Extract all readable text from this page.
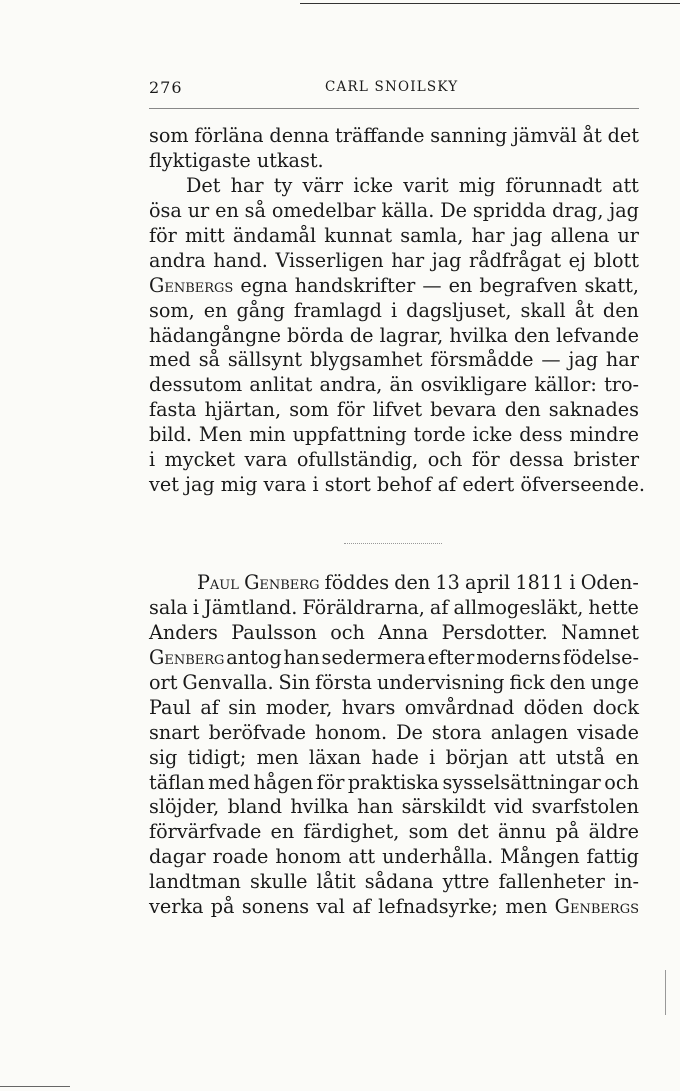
276	CARL SNOILSKY
som förläna denna träffande sanning jämväl åt det
flyktigaste utkast.
Det har ty värr icke varit mig förunnadt att
ösa ur en så omedelbar källa. De spridda drag, jag
för mitt ändamål kunnat samla, har jag allena ur
andra hand. Visserligen har jag rådfrågat ej blott
Genbergs egna handskrifter — en begrafven skatt,
som, en gång framlagd i dagsljuset, skall åt den
hädangångne börda de lagrar, hvilka den lefvande
med så sällsynt blygsamhet försmådde — jag har
dessutom anlitat andra, än osvikligare källor: tro-
fasta hjärtan, som för lifvet bevara den saknades
bild. Men min uppfattning torde icke dess mindre
i mycket vara ofullständig, och för dessa brister
vet jag mig vara i stort behof af edert öfverseende.
Paul Genberg föddes den 13 april 1811 i Oden-
sala i Jämtland. Föräldrarna, af allmogesläkt, hette
Anders Paulsson och Anna Persdotter. Namnet
Genberg antog han sedermera efter moderns födelse-
ort Genvalla. Sin första undervisning fick den unge
Paul af sin moder, hvars omvårdnad döden dock
snart beröfvade honom. De stora anlagen visade
sig tidigt; men läxan hade i början att utstå en
täflan med hågen för praktiska sysselsättningar och
slöjder, bland hvilka han särskildt vid svarfstolen
förvärfvade en färdighet, som det ännu på äldre
dagar roade honom att underhålla. Mången fattig
landtman skulle låtit sådana yttre fallenheter in-
verka på sonens val af lefnadsyrke; men Genbergs
